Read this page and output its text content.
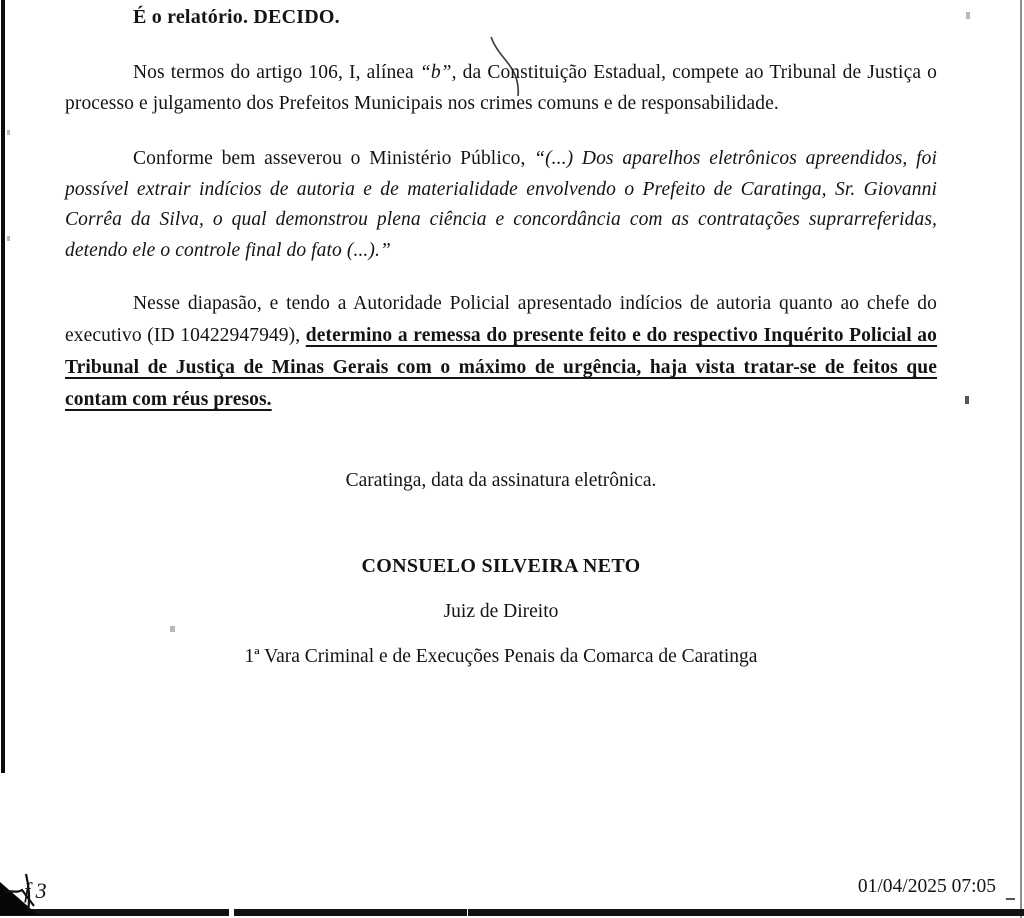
É o relatório. DECIDO.

Nos termos do artigo 106, I, alínea “b”, da Constituição Estadual, compete ao Tribunal de Justiça o processo e julgamento dos Prefeitos Municipais nos crimes comuns e de responsabilidade.

Conforme bem asseverou o Ministério Público, “(...) Dos aparelhos eletrônicos apreendidos, foi possível extrair indícios de autoria e de materialidade envolvendo o Prefeito de Caratinga, Sr. Giovanni Corrêa da Silva, o qual demonstrou plena ciência e concordância com as contratações suprarreferidas, detendo ele o controle final do fato (...).”

Nesse diapasão, e tendo a Autoridade Policial apresentado indícios de autoria quanto ao chefe do executivo (ID 10422947949), determino a remessa do presente feito e do respectivo Inquérito Policial ao Tribunal de Justiça de Minas Gerais com o máximo de urgência, haja vista tratar-se de feitos que contam com réus presos.

Caratinga, data da assinatura eletrônica.

CONSUELO SILVEIRA NETO

Juiz de Direito

1ª Vara Criminal e de Execuções Penais da Comarca de Caratinga

f 3	01/04/2025 07:05
